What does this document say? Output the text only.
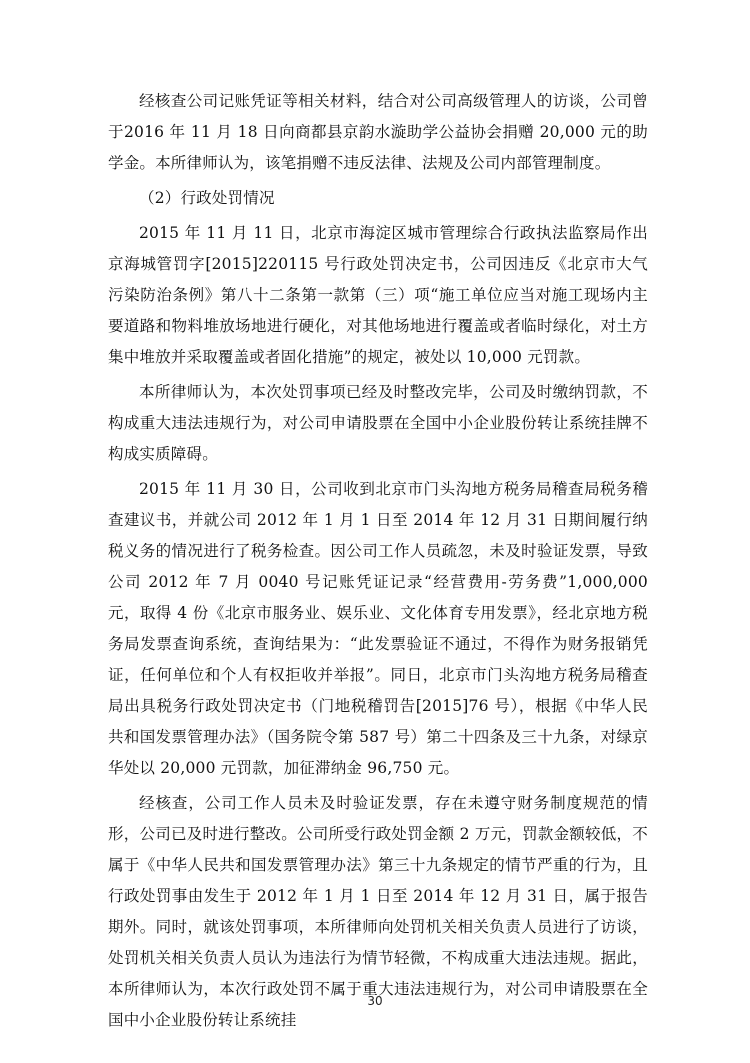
经核查公司记账凭证等相关材料，结合对公司高级管理人的访谈，公司曾于2016 年 11 月 18 日向商都县京韵水漩助学公益协会捐赠 20,000 元的助学金。本所律师认为，该笔捐赠不违反法律、法规及公司内部管理制度。

（2）行政处罚情况

2015 年 11 月 11 日，北京市海淀区城市管理综合行政执法监察局作出京海城管罚字[2015]220115 号行政处罚决定书，公司因违反《北京市大气污染防治条例》第八十二条第一款第（三）项“施工单位应当对施工现场内主要道路和物料堆放场地进行硬化，对其他场地进行覆盖或者临时绿化，对土方集中堆放并采取覆盖或者固化措施”的规定，被处以 10,000 元罚款。

本所律师认为，本次处罚事项已经及时整改完毕，公司及时缴纳罚款，不构成重大违法违规行为，对公司申请股票在全国中小企业股份转让系统挂牌不构成实质障碍。

2015 年 11 月 30 日，公司收到北京市门头沟地方税务局稽查局税务稽查建议书，并就公司 2012 年 1 月 1 日至 2014 年 12 月 31 日期间履行纳税义务的情况进行了税务检查。因公司工作人员疏忽，未及时验证发票，导致公司 2012 年 7 月 0040 号记账凭证记录“经营费用-劳务费”1,000,000 元，取得 4 份《北京市服务业、娱乐业、文化体育专用发票》，经北京地方税务局发票查询系统，查询结果为：“此发票验证不通过，不得作为财务报销凭证，任何单位和个人有权拒收并举报”。同日，北京市门头沟地方税务局稽查局出具税务行政处罚决定书（门地税稽罚告[2015]76 号），根据《中华人民共和国发票管理办法》（国务院令第 587 号）第二十四条及三十九条，对绿京华处以 20,000 元罚款，加征滞纳金 96,750 元。

经核查，公司工作人员未及时验证发票，存在未遵守财务制度规范的情形，公司已及时进行整改。公司所受行政处罚金额 2 万元，罚款金额较低，不属于《中华人民共和国发票管理办法》第三十九条规定的情节严重的行为，且行政处罚事由发生于 2012 年 1 月 1 日至 2014 年 12 月 31 日，属于报告期外。同时，就该处罚事项，本所律师向处罚机关相关负责人员进行了访谈，处罚机关相关负责人员认为违法行为情节轻微，不构成重大违法违规。据此，本所律师认为，本次行政处罚不属于重大违法违规行为，对公司申请股票在全国中小企业股份转让系统挂

30
